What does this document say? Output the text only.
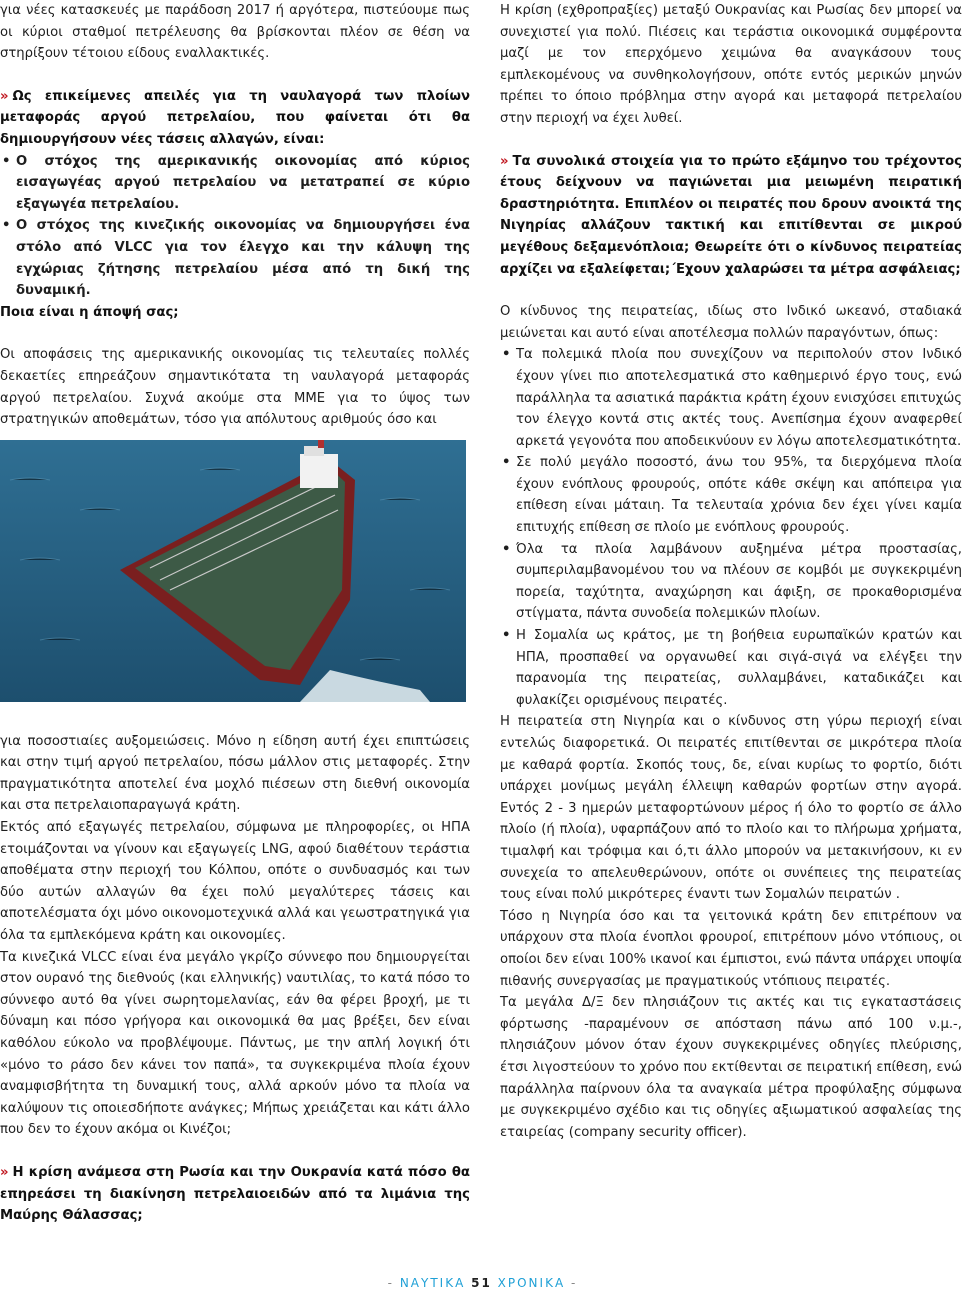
για νέες κατασκευές με παράδοση 2017 ή αργότερα, πιστεύουμε πως οι κύριοι σταθμοί πετρέλευσης θα βρίσκονται πλέον σε θέση να στηρίξουν τέτοιου είδους εναλλακτικές.

» Ως επικείμενες απειλές για τη ναυλαγορά των πλοίων μεταφοράς αργού πετρελαίου, που φαίνεται ότι θα δημιουργήσουν νέες τάσεις αλλαγών, είναι:

• Ο στόχος της αμερικανικής οικονομίας από κύριος εισαγωγέας αργού πετρελαίου να μετατραπεί σε κύριο εξαγωγέα πετρελαίου.
• Ο στόχος της κινεζικής οικονομίας να δημιουργήσει ένα στόλο από VLCC για τον έλεγχο και την κάλυψη της εγχώριας ζήτησης πετρελαίου μέσα από τη δική της δυναμική.

Ποια είναι η άποψή σας;

Οι αποφάσεις της αμερικανικής οικονομίας τις τελευταίες πολλές δεκαετίες επηρεάζουν σημαντικότατα τη ναυλαγορά μεταφοράς αργού πετρελαίου. Συχνά ακούμε στα ΜΜΕ για το ύψος των στρατηγικών αποθεμάτων, τόσο για απόλυτους αριθμούς όσο και

για ποσοστιαίες αυξομειώσεις. Μόνο η είδηση αυτή έχει επιπτώσεις και στην τιμή αργού πετρελαίου, πόσω μάλλον στις μεταφορές. Στην πραγματικότητα αποτελεί ένα μοχλό πιέσεων στη διεθνή οικονομία και στα πετρελαιοπαραγωγά κράτη.

Εκτός από εξαγωγές πετρελαίου, σύμφωνα με πληροφορίες, οι ΗΠΑ ετοιμάζονται να γίνουν και εξαγωγείς LNG, αφού διαθέτουν τεράστια αποθέματα στην περιοχή του Κόλπου, οπότε ο συνδυασμός και των δύο αυτών αλλαγών θα έχει πολύ μεγαλύτερες τάσεις και αποτελέσματα όχι μόνο οικονομοτεχνικά αλλά και γεωστρατηγικά για όλα τα εμπλεκόμενα κράτη και οικονομίες.

Τα κινεζικά VLCC είναι ένα μεγάλο γκρίζο σύννεφο που δημιουργείται στον ουρανό της διεθνούς (και ελληνικής) ναυτιλίας, το κατά πόσο το σύννεφο αυτό θα γίνει σωρητομελανίας, εάν θα φέρει βροχή, με τι δύναμη και πόσο γρήγορα και οικονομικά θα μας βρέξει, δεν είναι καθόλου εύκολο να προβλέψουμε. Πάντως, με την απλή λογική ότι «μόνο το ράσο δεν κάνει τον παπά», τα συγκεκριμένα πλοία έχουν αναμφισβήτητα τη δυναμική τους, αλλά αρκούν μόνο τα πλοία να καλύψουν τις οποιεσδήποτε ανάγκες; Μήπως χρειάζεται και κάτι άλλο που δεν το έχουν ακόμα οι Κινέζοι;

» Η κρίση ανάμεσα στη Ρωσία και την Ουκρανία κατά πόσο θα επηρεάσει τη διακίνηση πετρελαιοειδών από τα λιμάνια της Μαύρης Θάλασσας;

Η κρίση (εχθροπραξίες) μεταξύ Ουκρανίας και Ρωσίας δεν μπορεί να συνεχιστεί για πολύ. Πιέσεις και τεράστια οικονομικά συμφέροντα μαζί με τον επερχόμενο χειμώνα θα αναγκάσουν τους εμπλεκομένους να συνθηκολογήσουν, οπότε εντός μερικών μηνών πρέπει το όποιο πρόβλημα στην αγορά και μεταφορά πετρελαίου στην περιοχή να έχει λυθεί.

» Τα συνολικά στοιχεία για το πρώτο εξάμηνο του τρέχοντος έτους δείχνουν να παγιώνεται μια μειωμένη πειρατική δραστηριότητα. Επιπλέον οι πειρατές που δρουν ανοικτά της Νιγηρίας αλλάζουν τακτική και επιτίθενται σε μικρού μεγέθους δεξαμενόπλοια; Θεωρείτε ότι ο κίνδυνος πειρατείας αρχίζει να εξαλείφεται;΄Εχουν χαλαρώσει τα μέτρα ασφάλειας;

Ο κίνδυνος της πειρατείας, ιδίως στο Ινδικό ωκεανό, σταδιακά μειώνεται και αυτό είναι αποτέλεσμα πολλών παραγόντων, όπως:

• Τα πολεμικά πλοία που συνεχίζουν να περιπολούν στον Ινδικό έχουν γίνει πιο αποτελεσματικά στο καθημερινό έργο τους, ενώ παράλληλα τα ασιατικά παράκτια κράτη έχουν ενισχύσει επιτυχώς τον έλεγχο κοντά στις ακτές τους. Ανεπίσημα έχουν αναφερθεί αρκετά γεγονότα που αποδεικνύουν εν λόγω αποτελεσματικότητα.
• Σε πολύ μεγάλο ποσοστό, άνω του 95%, τα διερχόμενα πλοία έχουν ενόπλους φρουρούς, οπότε κάθε σκέψη και απόπειρα για επίθεση είναι μάταιη. Τα τελευταία χρόνια δεν έχει γίνει καμία επιτυχής επίθεση σε πλοίο με ενόπλους φρουρούς.
• Όλα τα πλοία λαμβάνουν αυξημένα μέτρα προστασίας, συμπεριλαμβανομένου του να πλέουν σε κομβόι με συγκεκριμένη πορεία, ταχύτητα, αναχώρηση και άφιξη, σε προκαθορισμένα στίγματα, πάντα συνοδεία πολεμικών πλοίων.
• Η Σομαλία ως κράτος, με τη βοήθεια ευρωπαϊκών κρατών και ΗΠΑ, προσπαθεί να οργανωθεί και σιγά-σιγά να ελέγξει την παρανομία της πειρατείας, συλλαμβάνει, καταδικάζει και φυλακίζει ορισμένους πειρατές.

Η πειρατεία στη Νιγηρία και ο κίνδυνος στη γύρω περιοχή είναι εντελώς διαφορετικά. Οι πειρατές επιτίθενται σε μικρότερα πλοία με καθαρά φορτία. Σκοπός τους, δε, είναι κυρίως το φορτίο, διότι υπάρχει μονίμως μεγάλη έλλειψη καθαρών φορτίων στην αγορά. Εντός 2 - 3 ημερών μεταφορτώνουν μέρος ή όλο το φορτίο σε άλλο πλοίο (ή πλοία), υφαρπάζουν από το πλοίο και το πλήρωμα χρήματα, τιμαλφή και τρόφιμα και ό,τι άλλο μπορούν να μετακινήσουν, κι εν συνεχεία το απελευθερώνουν, οπότε οι συνέπειες της πειρατείας τους είναι πολύ μικρότερες έναντι των Σομαλών πειρατών .

Τόσο η Νιγηρία όσο και τα γειτονικά κράτη δεν επιτρέπουν να υπάρχουν στα πλοία ένοπλοι φρουροί, επιτρέπουν μόνο ντόπιους, οι οποίοι δεν είναι 100% ικανοί και έμπιστοι, ενώ πάντα υπάρχει υποψία πιθανής συνεργασίας με πραγματικούς ντόπιους πειρατές.

Τα μεγάλα Δ/Ξ δεν πλησιάζουν τις ακτές και τις εγκαταστάσεις φόρτωσης -παραμένουν σε απόσταση πάνω από 100 ν.μ.-, πλησιάζουν μόνον όταν έχουν συγκεκριμένες οδηγίες πλεύρισης, έτσι λιγοστεύουν το χρόνο που εκτίθενται σε πειρατική επίθεση, ενώ παράλληλα παίρνουν όλα τα αναγκαία μέτρα προφύλαξης σύμφωνα με συγκεκριμένο σχέδιο και τις οδηγίες αξιωματικού ασφαλείας της εταιρείας (company security officer).

- ΝΑΥΤΙΚΑ 51 ΧΡΟΝΙΚΑ -
